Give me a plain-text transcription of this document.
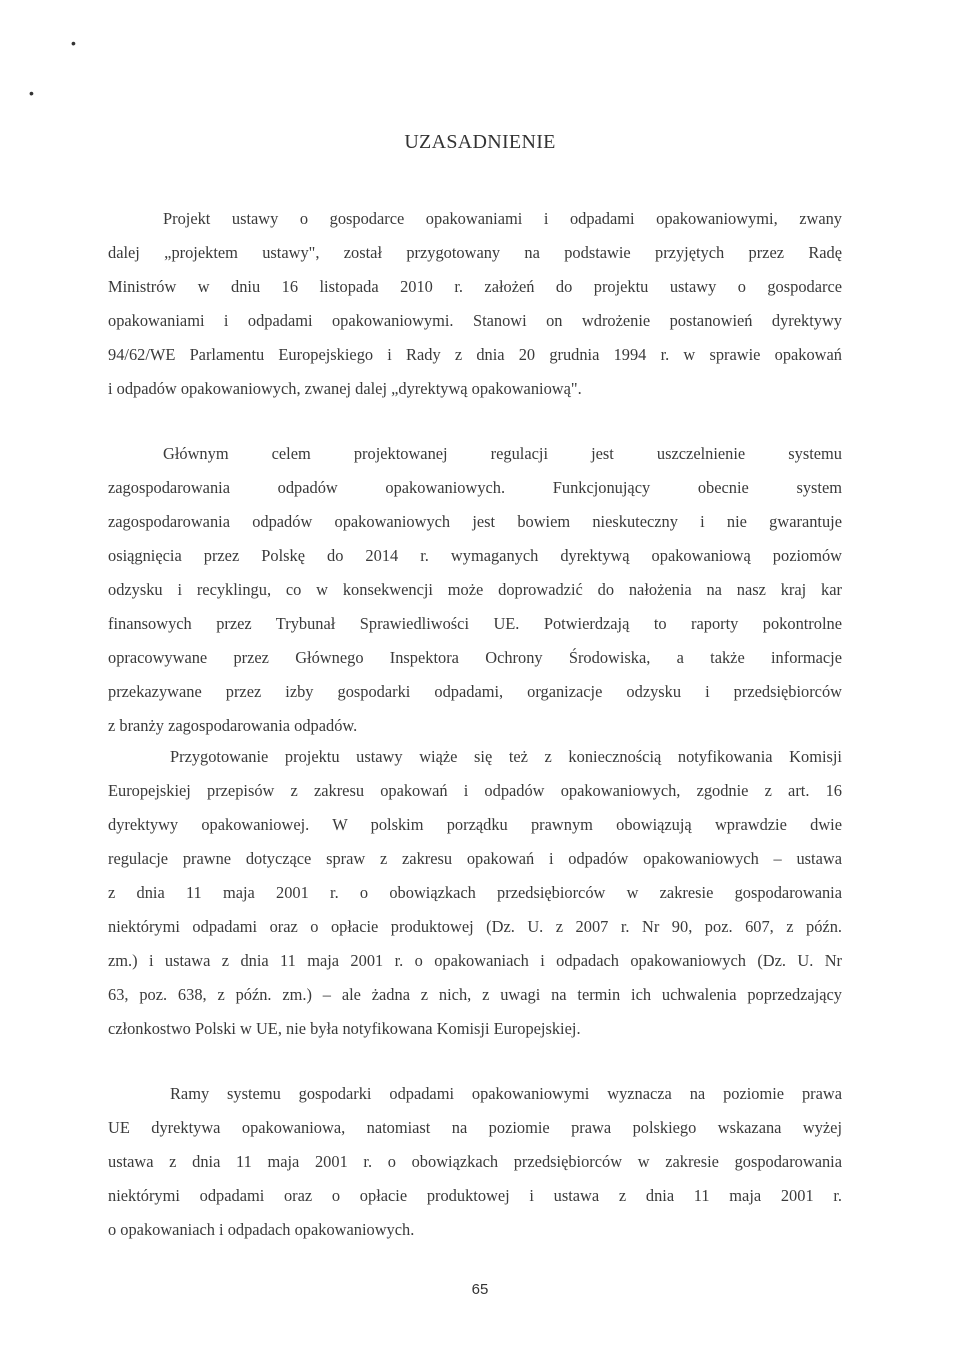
•
•
UZASADNIENIE
Projekt ustawy o gospodarce opakowaniami i odpadami opakowaniowymi, zwany
dalej „projektem ustawy", został przygotowany na podstawie przyjętych przez Radę
Ministrów w dniu 16 listopada 2010 r. założeń do projektu ustawy o gospodarce
opakowaniami i odpadami opakowaniowymi. Stanowi on wdrożenie postanowień dyrektywy
94/62/WE Parlamentu Europejskiego i Rady z dnia 20 grudnia 1994 r. w sprawie opakowań
i odpadów opakowaniowych, zwanej dalej „dyrektywą opakowaniową".
Głównym celem projektowanej regulacji jest uszczelnienie systemu
zagospodarowania odpadów opakowaniowych. Funkcjonujący obecnie system
zagospodarowania odpadów opakowaniowych jest bowiem nieskuteczny i nie gwarantuje
osiągnięcia przez Polskę do 2014 r. wymaganych dyrektywą opakowaniową poziomów
odzysku i recyklingu, co w konsekwencji może doprowadzić do nałożenia na nasz kraj kar
finansowych przez Trybunał Sprawiedliwości UE. Potwierdzają to raporty pokontrolne
opracowywane przez Głównego Inspektora Ochrony Środowiska, a także informacje
przekazywane przez izby gospodarki odpadami, organizacje odzysku i przedsiębiorców
z branży zagospodarowania odpadów.
Przygotowanie projektu ustawy wiąże się też z koniecznością notyfikowania Komisji
Europejskiej przepisów z zakresu opakowań i odpadów opakowaniowych, zgodnie z art. 16
dyrektywy opakowaniowej. W polskim porządku prawnym obowiązują wprawdzie dwie
regulacje prawne dotyczące spraw z zakresu opakowań i odpadów opakowaniowych – ustawa
z dnia 11 maja 2001 r. o obowiązkach przedsiębiorców w zakresie gospodarowania
niektórymi odpadami oraz o opłacie produktowej (Dz. U. z 2007 r. Nr 90, poz. 607, z późn.
zm.) i ustawa z dnia 11 maja 2001 r. o opakowaniach i odpadach opakowaniowych (Dz. U. Nr
63, poz. 638, z późn. zm.) – ale żadna z nich, z uwagi na termin ich uchwalenia poprzedzający
członkostwo Polski w UE, nie była notyfikowana Komisji Europejskiej.
Ramy systemu gospodarki odpadami opakowaniowymi wyznacza na poziomie prawa
UE dyrektywa opakowaniowa, natomiast na poziomie prawa polskiego wskazana wyżej
ustawa z dnia 11 maja 2001 r. o obowiązkach przedsiębiorców w zakresie gospodarowania
niektórymi odpadami oraz o opłacie produktowej i ustawa z dnia 11 maja 2001 r.
o opakowaniach i odpadach opakowaniowych.
65
